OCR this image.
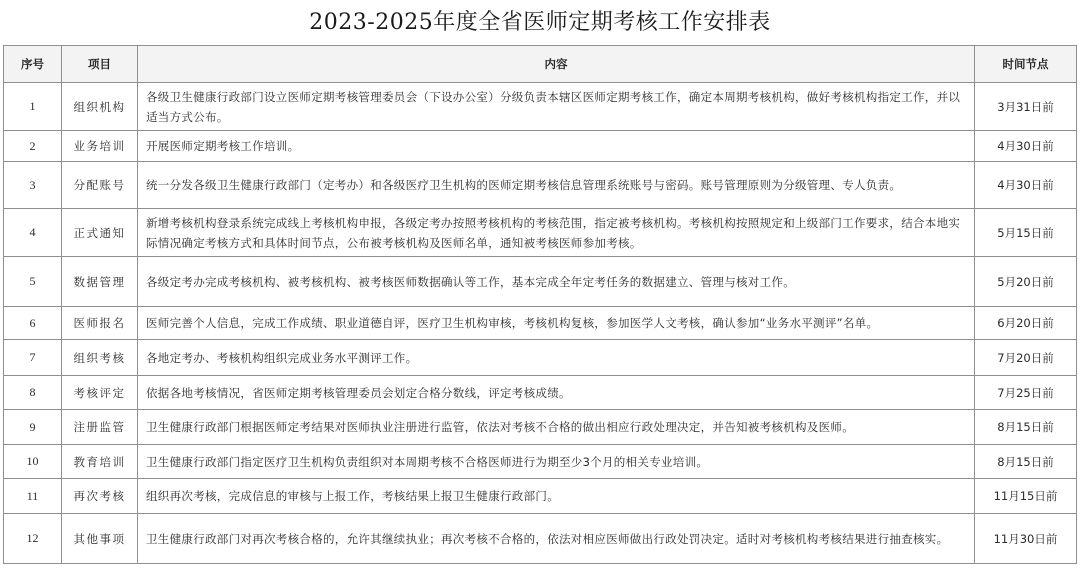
2023-2025年度全省医师定期考核工作安排表
序号	项目	内容	时间节点
1	组织机构	各级卫生健康行政部门设立医师定期考核管理委员会（下设办公室）分级负责本辖区医师定期考核工作，确定本周期考核机构，做好考核机构指定工作，并以适当方式公布。	3月31日前
2	业务培训	开展医师定期考核工作培训。	4月30日前
3	分配账号	统一分发各级卫生健康行政部门（定考办）和各级医疗卫生机构的医师定期考核信息管理系统账号与密码。账号管理原则为分级管理、专人负责。	4月30日前
4	正式通知	新增考核机构登录系统完成线上考核机构申报，各级定考办按照考核机构的考核范围，指定被考核机构。考核机构按照规定和上级部门工作要求，结合本地实际情况确定考核方式和具体时间节点，公布被考核机构及医师名单，通知被考核医师参加考核。	5月15日前
5	数据管理	各级定考办完成考核机构、被考核机构、被考核医师数据确认等工作，基本完成全年定考任务的数据建立、管理与核对工作。	5月20日前
6	医师报名	医师完善个人信息，完成工作成绩、职业道德自评，医疗卫生机构审核，考核机构复核，参加医学人文考核，确认参加“业务水平测评”名单。	6月20日前
7	组织考核	各地定考办、考核机构组织完成业务水平测评工作。	7月20日前
8	考核评定	依据各地考核情况，省医师定期考核管理委员会划定合格分数线，评定考核成绩。	7月25日前
9	注册监管	卫生健康行政部门根据医师定考结果对医师执业注册进行监管，依法对考核不合格的做出相应行政处理决定，并告知被考核机构及医师。	8月15日前
10	教育培训	卫生健康行政部门指定医疗卫生机构负责组织对本周期考核不合格医师进行为期至少3个月的相关专业培训。	8月15日前
11	再次考核	组织再次考核，完成信息的审核与上报工作，考核结果上报卫生健康行政部门。	11月15日前
12	其他事项	卫生健康行政部门对再次考核合格的，允许其继续执业；再次考核不合格的，依法对相应医师做出行政处罚决定。适时对考核机构考核结果进行抽查核实。	11月30日前
